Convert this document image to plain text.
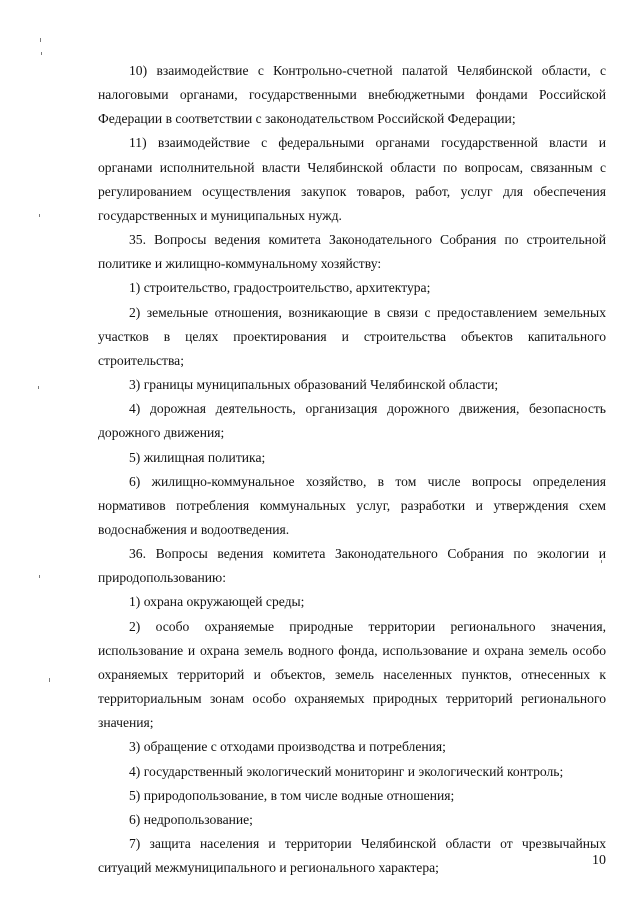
10) взаимодействие с Контрольно-счетной палатой Челябинской области, с налоговыми органами, государственными внебюджетными фондами Российской Федерации в соответствии с законодательством Российской Федерации;

11) взаимодействие с федеральными органами государственной власти и органами исполнительной власти Челябинской области по вопросам, связанным с регулированием осуществления закупок товаров, работ, услуг для обеспечения государственных и муниципальных нужд.

35. Вопросы ведения комитета Законодательного Собрания по строительной политике и жилищно-коммунальному хозяйству:

1) строительство, градостроительство, архитектура;

2) земельные отношения, возникающие в связи с предоставлением земельных участков в целях проектирования и строительства объектов капитального строительства;

3) границы муниципальных образований Челябинской области;

4) дорожная деятельность, организация дорожного движения, безопасность дорожного движения;

5) жилищная политика;

6) жилищно-коммунальное хозяйство, в том числе вопросы определения нормативов потребления коммунальных услуг, разработки и утверждения схем водоснабжения и водоотведения.

36. Вопросы ведения комитета Законодательного Собрания по экологии и природопользованию:

1) охрана окружающей среды;

2) особо охраняемые природные территории регионального значения, использование и охрана земель водного фонда, использование и охрана земель особо охраняемых территорий и объектов, земель населенных пунктов, отнесенных к территориальным зонам особо охраняемых природных территорий регионального значения;

3) обращение с отходами производства и потребления;

4) государственный экологический мониторинг и экологический контроль;

5) природопользование, в том числе водные отношения;

6) недропользование;

7) защита населения и территории Челябинской области от чрезвычайных ситуаций межмуниципального и регионального характера;	10
